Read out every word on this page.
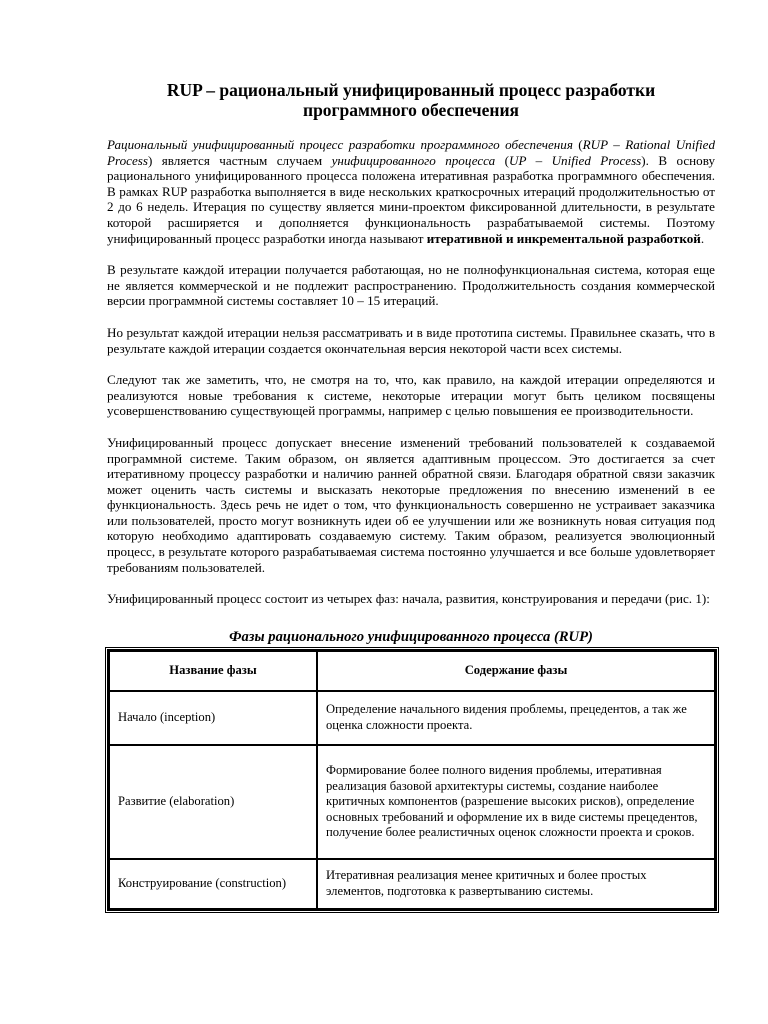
RUP – рациональный унифицированный процесс разработки
программного обеспечения

Рациональный унифицированный процесс разработки программного обеспечения (RUP – Rational Unified Process) является частным случаем унифицированного процесса (UP – Unified Process). В основу рационального унифицированного процесса положена итеративная разработка программного обеспечения. В рамках RUP разработка выполняется в виде нескольких краткосрочных итераций продолжительностью от 2 до 6 недель. Итерация по существу является мини-проектом фиксированной длительности, в результате которой расширяется и дополняется функциональность разрабатываемой системы. Поэтому унифицированный процесс разработки иногда называют итеративной и инкрементальной разработкой.

В результате каждой итерации получается работающая, но не полнофункциональная система, которая еще не является коммерческой и не подлежит распространению. Продолжительность создания коммерческой версии программной системы составляет 10 – 15 итераций.

Но результат каждой итерации нельзя рассматривать и в виде прототипа системы. Правильнее сказать, что в результате каждой итерации создается окончательная версия некоторой части всех системы.

Следуют так же заметить, что, не смотря на то, что, как правило, на каждой итерации определяются и реализуются новые требования к системе, некоторые итерации могут быть целиком посвящены усовершенствованию существующей программы, например с целью повышения ее производительности.

Унифицированный процесс допускает внесение изменений требований пользователей к создаваемой программной системе. Таким образом, он является адаптивным процессом. Это достигается за счет итеративному процессу разработки и наличию ранней обратной связи. Благодаря обратной связи заказчик может оценить часть системы и высказать некоторые предложения по внесению изменений в ее функциональность. Здесь речь не идет о том, что функциональность совершенно не устраивает заказчика или пользователей, просто могут возникнуть идеи об ее улучшении или же возникнуть новая ситуация под которую необходимо адаптировать создаваемую систему. Таким образом, реализуется эволюционный процесс, в результате которого разрабатываемая система постоянно улучшается и все больше удовлетворяет требованиям пользователей.

Унифицированный процесс состоит из четырех фаз: начала, развития, конструирования и передачи (рис. 1):

Фазы рационального унифицированного процесса (RUP)
Название фазы	Содержание фазы
Начало (inception)	Определение начального видения проблемы, прецедентов, а так же оценка сложности проекта.
Развитие (elaboration)	Формирование более полного видения проблемы, итеративная реализация базовой архитектуры системы, создание наиболее критичных компонентов (разрешение высоких рисков), определение основных требований и оформление их в виде системы прецедентов, получение более реалистичных оценок сложности проекта и сроков.
Конструирование (construction)	Итеративная реализация менее критичных и более простых элементов, подготовка к развертыванию системы.
